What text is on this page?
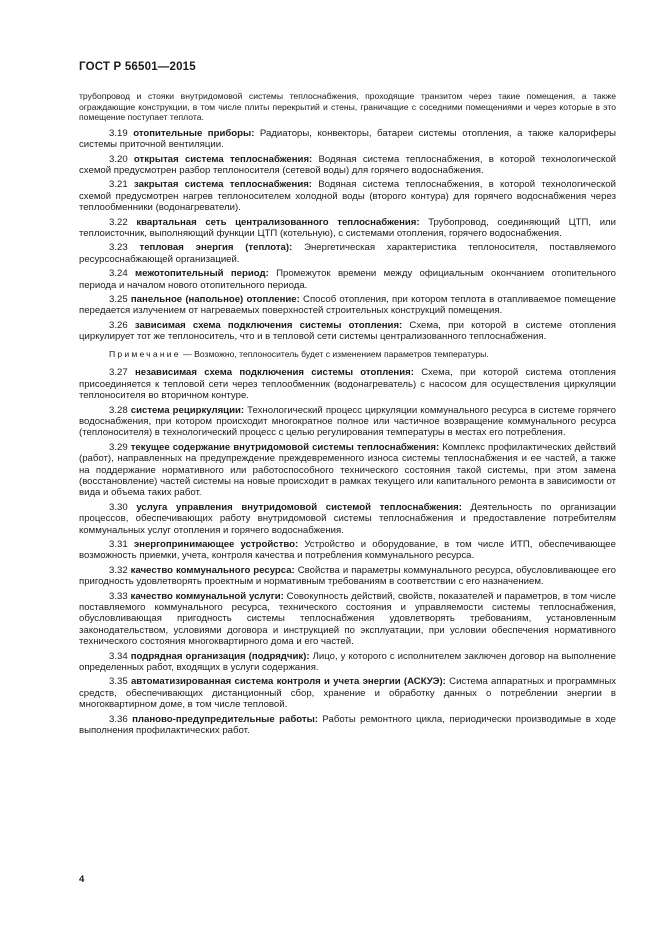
ГОСТ Р 56501—2015

трубопровод и стояки внутридомовой системы теплоснабжения, проходящие транзитом через такие помещения, а также ограждающие конструкции, в том числе плиты перекрытий и стены, граничащие с соседними помещениями и через которые в это помещение поступает теплота.

3.19 отопительные приборы: Радиаторы, конвекторы, батареи системы отопления, а также калориферы системы приточной вентиляции.

3.20 открытая система теплоснабжения: Водяная система теплоснабжения, в которой технологической схемой предусмотрен разбор теплоносителя (сетевой воды) для горячего водоснабжения.

3.21 закрытая система теплоснабжения: Водяная система теплоснабжения, в которой технологической схемой предусмотрен нагрев теплоносителем холодной воды (второго контура) для горячего водоснабжения через теплообменники (водонагреватели).

3.22 квартальная сеть централизованного теплоснабжения: Трубопровод, соединяющий ЦТП, или теплоисточник, выполняющий функции ЦТП (котельную), с системами отопления, горячего водоснабжения.

3.23 тепловая энергия (теплота): Энергетическая характеристика теплоносителя, поставляемого ресурсоснабжающей организацией.

3.24 межотопительный период: Промежуток времени между официальным окончанием отопительного периода и началом нового отопительного периода.

3.25 панельное (напольное) отопление: Способ отопления, при котором теплота в отапливаемое помещение передается излучением от нагреваемых поверхностей строительных конструкций помещения.

3.26 зависимая схема подключения системы отопления: Схема, при которой в системе отопления циркулирует тот же теплоноситель, что и в тепловой сети системы централизованного теплоснабжения.

Примечание — Возможно, теплоноситель будет с изменением параметров температуры.

3.27 независимая схема подключения системы отопления: Схема, при которой система отопления присоединяется к тепловой сети через теплообменник (водонагреватель) с насосом для осуществления циркуляции теплоносителя во вторичном контуре.

3.28 система рециркуляции: Технологический процесс циркуляции коммунального ресурса в системе горячего водоснабжения, при котором происходит многократное полное или частичное возвращение коммунального ресурса (теплоносителя) в технологический процесс с целью регулирования температуры в местах его потребления.

3.29 текущее содержание внутридомовой системы теплоснабжения: Комплекс профилактических действий (работ), направленных на предупреждение преждевременного износа системы теплоснабжения и ее частей, а также на поддержание нормативного или работоспособного технического состояния такой системы, при этом замена (восстановление) частей системы на новые происходит в рамках текущего или капитального ремонта в зависимости от вида и объема таких работ.

3.30 услуга управления внутридомовой системой теплоснабжения: Деятельность по организации процессов, обеспечивающих работу внутридомовой системы теплоснабжения и предоставление потребителям коммунальных услуг отопления и горячего водоснабжения.

3.31 энергопринимающее устройство: Устройство и оборудование, в том числе ИТП, обеспечивающее возможность приемки, учета, контроля качества и потребления коммунального ресурса.

3.32 качество коммунального ресурса: Свойства и параметры коммунального ресурса, обусловливающее его пригодность удовлетворять проектным и нормативным требованиям в соответствии с его назначением.

3.33 качество коммунальной услуги: Совокупность действий, свойств, показателей и параметров, в том числе поставляемого коммунального ресурса, технического состояния и управляемости системы теплоснабжения, обусловливающая пригодность системы теплоснабжения удовлетворять требованиям, установленным законодательством, условиями договора и инструкцией по эксплуатации, при условии обеспечения нормативного технического состояния многоквартирного дома и его частей.

3.34 подрядная организация (подрядчик): Лицо, у которого с исполнителем заключен договор на выполнение определенных работ, входящих в услуги содержания.

3.35 автоматизированная система контроля и учета энергии (АСКУЭ): Система аппаратных и программных средств, обеспечивающих дистанционный сбор, хранение и обработку данных о потреблении энергии в многоквартирном доме, в том числе тепловой.

3.36 планово-предупредительные работы: Работы ремонтного цикла, периодически производимые в ходе выполнения профилактических работ.

4
